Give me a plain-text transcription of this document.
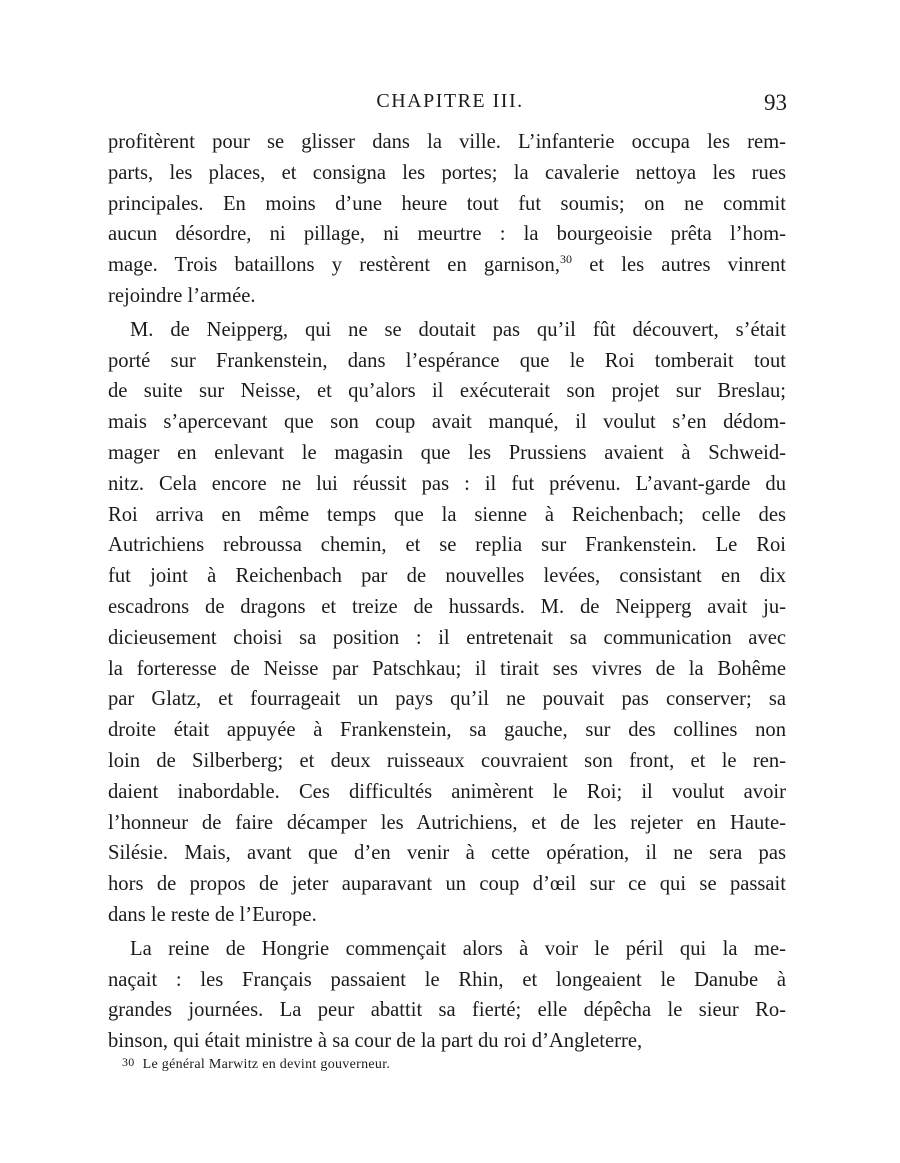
CHAPITRE III.	93
profitèrent pour se glisser dans la ville. L’infanterie occupa les rem-
parts, les places, et consigna les portes; la cavalerie nettoya les rues
principales. En moins d’une heure tout fut soumis; on ne commit
aucun désordre, ni pillage, ni meurtre : la bourgeoisie prêta l’hom-
mage. Trois bataillons y restèrent en garnison,$^{30}$ et les autres vinrent
rejoindre l’armée.
M. de Neipperg, qui ne se doutait pas qu’il fût découvert, s’était
porté sur Frankenstein, dans l’espérance que le Roi tomberait tout
de suite sur Neisse, et qu’alors il exécuterait son projet sur Breslau;
mais s’apercevant que son coup avait manqué, il voulut s’en dédom-
mager en enlevant le magasin que les Prussiens avaient à Schweid-
nitz. Cela encore ne lui réussit pas : il fut prévenu. L’avant-garde du
Roi arriva en même temps que la sienne à Reichenbach; celle des
Autrichiens rebroussa chemin, et se replia sur Frankenstein. Le Roi
fut joint à Reichenbach par de nouvelles levées, consistant en dix
escadrons de dragons et treize de hussards. M. de Neipperg avait ju-
dicieusement choisi sa position : il entretenait sa communication avec
la forteresse de Neisse par Patschkau; il tirait ses vivres de la Bohême
par Glatz, et fourrageait un pays qu’il ne pouvait pas conserver; sa
droite était appuyée à Frankenstein, sa gauche, sur des collines non
loin de Silberberg; et deux ruisseaux couvraient son front, et le ren-
daient inabordable. Ces difficultés animèrent le Roi; il voulut avoir
l’honneur de faire décamper les Autrichiens, et de les rejeter en Haute-
Silésie. Mais, avant que d’en venir à cette opération, il ne sera pas
hors de propos de jeter auparavant un coup d’œil sur ce qui se passait
dans le reste de l’Europe.
La reine de Hongrie commençait alors à voir le péril qui la me-
naçait : les Français passaient le Rhin, et longeaient le Danube à
grandes journées. La peur abattit sa fierté; elle dépêcha le sieur Ro-
binson, qui était ministre à sa cour de la part du roi d’Angleterre,
30 Le général Marwitz en devint gouverneur.
